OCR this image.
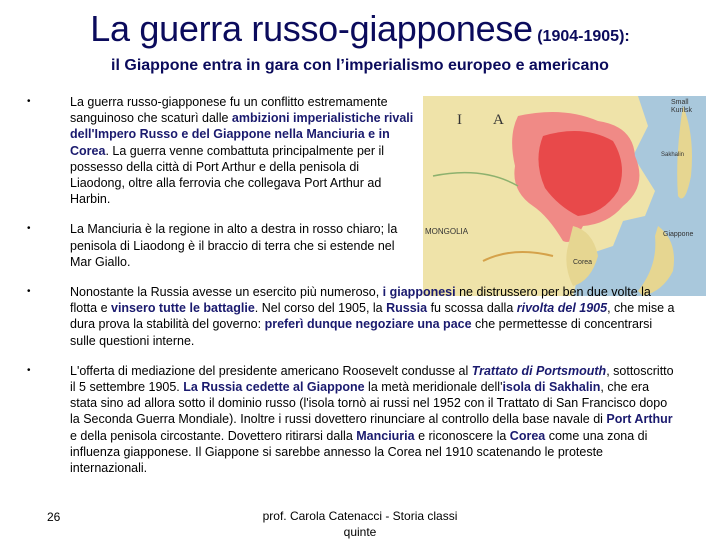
La guerra russo-giapponese (1904-1905):
il Giappone entra in gara con l’imperialismo europeo e americano
I A
Small
Kurilsk
Sakhalin
MONGOLIA	Giappone
Corea
•	La guerra russo-giapponese fu un conflitto estremamente sanguinoso che scaturì dalle ambizioni imperialistiche rivali dell'Impero Russo e del Giappone nella Manciuria e in Corea. La guerra venne combattuta principalmente per il possesso della città di Port Arthur e della penisola di Liaodong, oltre alla ferrovia che collegava Port Arthur ad Harbin.
•	La Manciuria è la regione in alto a destra in rosso chiaro; la penisola di Liaodong è il braccio di terra che si estende nel Mar Giallo.
•	Nonostante la Russia avesse un esercito più numeroso, i giapponesi ne distrussero per ben due volte la flotta e vinsero tutte le battaglie. Nel corso del 1905, la Russia fu scossa dalla rivolta del 1905, che mise a dura prova la stabilità del governo: preferì dunque negoziare una pace che permettesse di concentrarsi sulle questioni interne.
•	L'offerta di mediazione del presidente americano Roosevelt condusse al Trattato di Portsmouth, sottoscritto il 5 settembre 1905. La Russia cedette al Giappone la metà meridionale dell'isola di Sakhalin, che era stata sino ad allora sotto il dominio russo (l'isola tornò ai russi nel 1952 con il Trattato di San Francisco dopo la Seconda Guerra Mondiale). Inoltre i russi dovettero rinunciare al controllo della base navale di Port Arthur e della penisola circostante. Dovettero ritirarsi dalla Manciuria e riconoscere la Corea come una zona di influenza giapponese. Il Giappone si sarebbe annesso la Corea nel 1910 scatenando le proteste internazionali.
26	prof. Carola Catenacci - Storia classi quinte
